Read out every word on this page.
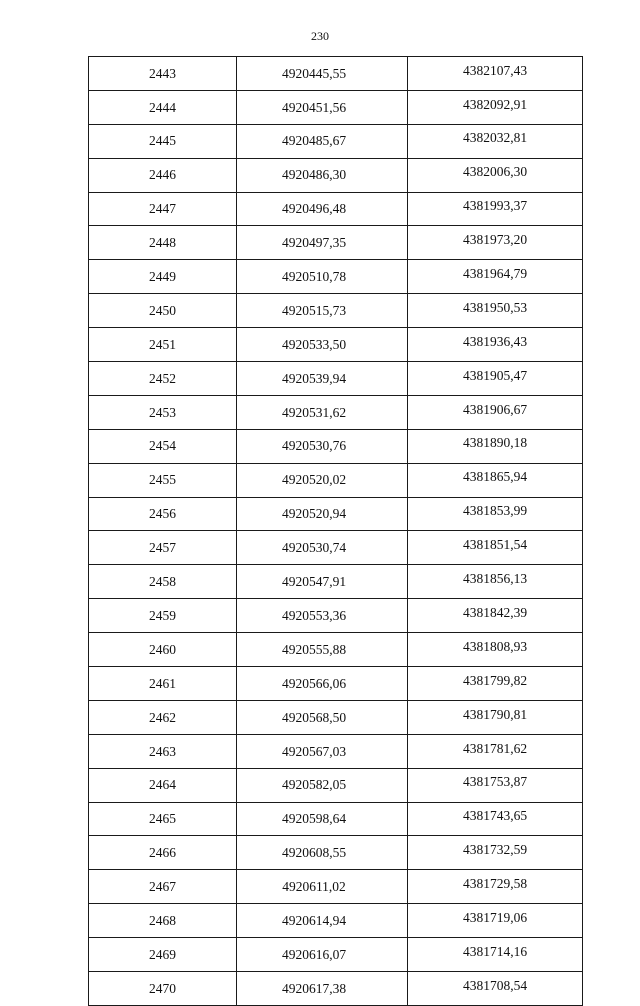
230
2443	4920445,55	4382107,43
2444	4920451,56	4382092,91
2445	4920485,67	4382032,81
2446	4920486,30	4382006,30
2447	4920496,48	4381993,37
2448	4920497,35	4381973,20
2449	4920510,78	4381964,79
2450	4920515,73	4381950,53
2451	4920533,50	4381936,43
2452	4920539,94	4381905,47
2453	4920531,62	4381906,67
2454	4920530,76	4381890,18
2455	4920520,02	4381865,94
2456	4920520,94	4381853,99
2457	4920530,74	4381851,54
2458	4920547,91	4381856,13
2459	4920553,36	4381842,39
2460	4920555,88	4381808,93
2461	4920566,06	4381799,82
2462	4920568,50	4381790,81
2463	4920567,03	4381781,62
2464	4920582,05	4381753,87
2465	4920598,64	4381743,65
2466	4920608,55	4381732,59
2467	4920611,02	4381729,58
2468	4920614,94	4381719,06
2469	4920616,07	4381714,16
2470	4920617,38	4381708,54
